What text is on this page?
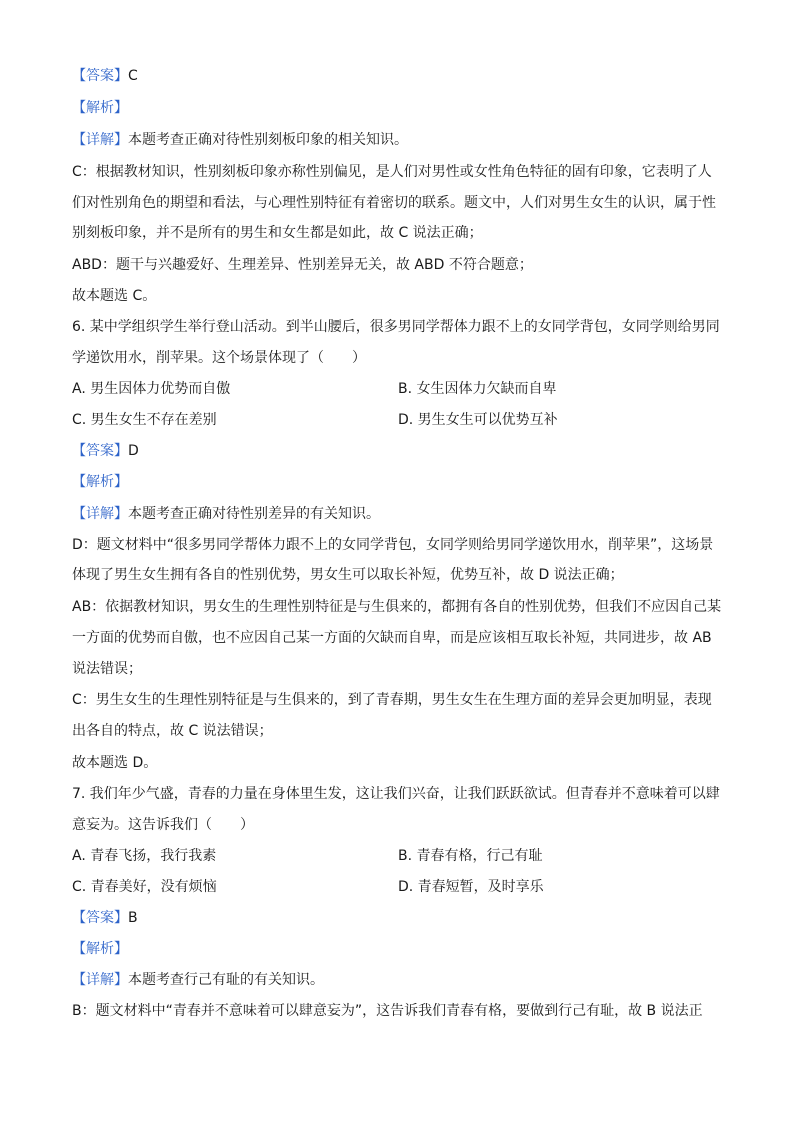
【答案】C
【解析】
【详解】本题考查正确对待性别刻板印象的相关知识。
C：根据教材知识，性别刻板印象亦称性别偏见，是人们对男性或女性角色特征的固有印象，它表明了人
们对性别角色的期望和看法，与心理性别特征有着密切的联系。题文中，人们对男生女生的认识，属于性
别刻板印象，并不是所有的男生和女生都是如此，故 C 说法正确；
ABD：题干与兴趣爱好、生理差异、性别差异无关，故 ABD 不符合题意；
故本题选 C。
6. 某中学组织学生举行登山活动。到半山腰后，很多男同学帮体力跟不上的女同学背包，女同学则给男同
学递饮用水，削苹果。这个场景体现了（　　）
A. 男生因体力优势而自傲	B. 女生因体力欠缺而自卑
C. 男生女生不存在差别	D. 男生女生可以优势互补
【答案】D
【解析】
【详解】本题考查正确对待性别差异的有关知识。
D：题文材料中“很多男同学帮体力跟不上的女同学背包，女同学则给男同学递饮用水，削苹果”，这场景
体现了男生女生拥有各自的性别优势，男女生可以取长补短，优势互补，故 D 说法正确；
AB：依据教材知识，男女生的生理性别特征是与生俱来的，都拥有各自的性别优势，但我们不应因自己某
一方面的优势而自傲，也不应因自己某一方面的欠缺而自卑，而是应该相互取长补短，共同进步，故 AB
说法错误；
C：男生女生的生理性别特征是与生俱来的，到了青春期，男生女生在生理方面的差异会更加明显，表现
出各自的特点，故 C 说法错误；
故本题选 D。
7. 我们年少气盛，青春的力量在身体里生发，这让我们兴奋，让我们跃跃欲试。但青春并不意味着可以肆
意妄为。这告诉我们（　　）
A. 青春飞扬，我行我素	B. 青春有格，行己有耻
C. 青春美好，没有烦恼	D. 青春短暂，及时享乐
【答案】B
【解析】
【详解】本题考查行己有耻的有关知识。
B：题文材料中“青春并不意味着可以肆意妄为”，这告诉我们青春有格，要做到行己有耻，故 B 说法正
